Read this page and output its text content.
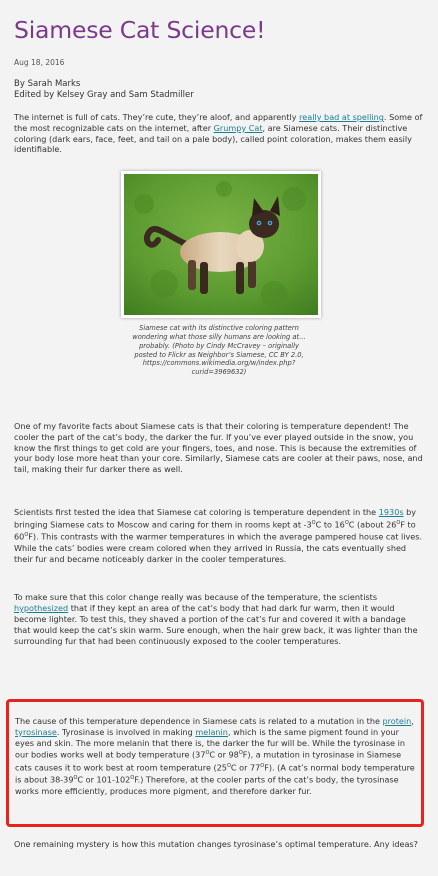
Siamese Cat Science!
Aug 18, 2016
By Sarah Marks
Edited by Kelsey Gray and Sam Stadmiller

The internet is full of cats. They’re cute, they’re aloof, and apparently really bad at spelling. Some of the most recognizable cats on the internet, after Grumpy Cat, are Siamese cats. Their distinctive coloring (dark ears, face, feet, and tail on a pale body), called point coloration, makes them easily identifiable.

Siamese cat with its distinctive coloring pattern wondering what those silly humans are looking at… probably. (Photo by Cindy McCravey – originally posted to Flickr as Neighbor’s Siamese, CC BY 2.0, https://commons.wikimedia.org/w/index.php?curid=3969632)

One of my favorite facts about Siamese cats is that their coloring is temperature dependent! The cooler the part of the cat’s body, the darker the fur. If you’ve ever played outside in the snow, you know the first things to get cold are your fingers, toes, and nose. This is because the extremities of your body lose more heat than your core. Similarly, Siamese cats are cooler at their paws, nose, and tail, making their fur darker there as well.

Scientists first tested the idea that Siamese cat coloring is temperature dependent in the 1930s by bringing Siamese cats to Moscow and caring for them in rooms kept at $-3^OC$ to $16^OC$ (about $26^OF$ to $60^OF$). This contrasts with the warmer temperatures in which the average pampered house cat lives. While the cats’ bodies were cream colored when they arrived in Russia, the cats eventually shed their fur and became noticeably darker in the cooler temperatures.

To make sure that this color change really was because of the temperature, the scientists hypothesized that if they kept an area of the cat’s body that had dark fur warm, then it would become lighter. To test this, they shaved a portion of the cat’s fur and covered it with a bandage that would keep the cat’s skin warm. Sure enough, when the hair grew back, it was lighter than the surrounding fur that had been continuously exposed to the cooler temperatures.

The cause of this temperature dependence in Siamese cats is related to a mutation in the protein, tyrosinase. Tyrosinase is involved in making melanin, which is the same pigment found in your eyes and skin. The more melanin that there is, the darker the fur will be. While the tyrosinase in our bodies works well at body temperature ($37^OC$ or $98^OF$), a mutation in tyrosinase in Siamese cats causes it to work best at room temperature ($25^OC$ or $77^OF$). (A cat’s normal body temperature is about $38-39^OC$ or $101-102^OF$.) Therefore, at the cooler parts of the cat’s body, the tyrosinase works more efficiently, produces more pigment, and therefore darker fur.

One remaining mystery is how this mutation changes tyrosinase’s optimal temperature. Any ideas?
